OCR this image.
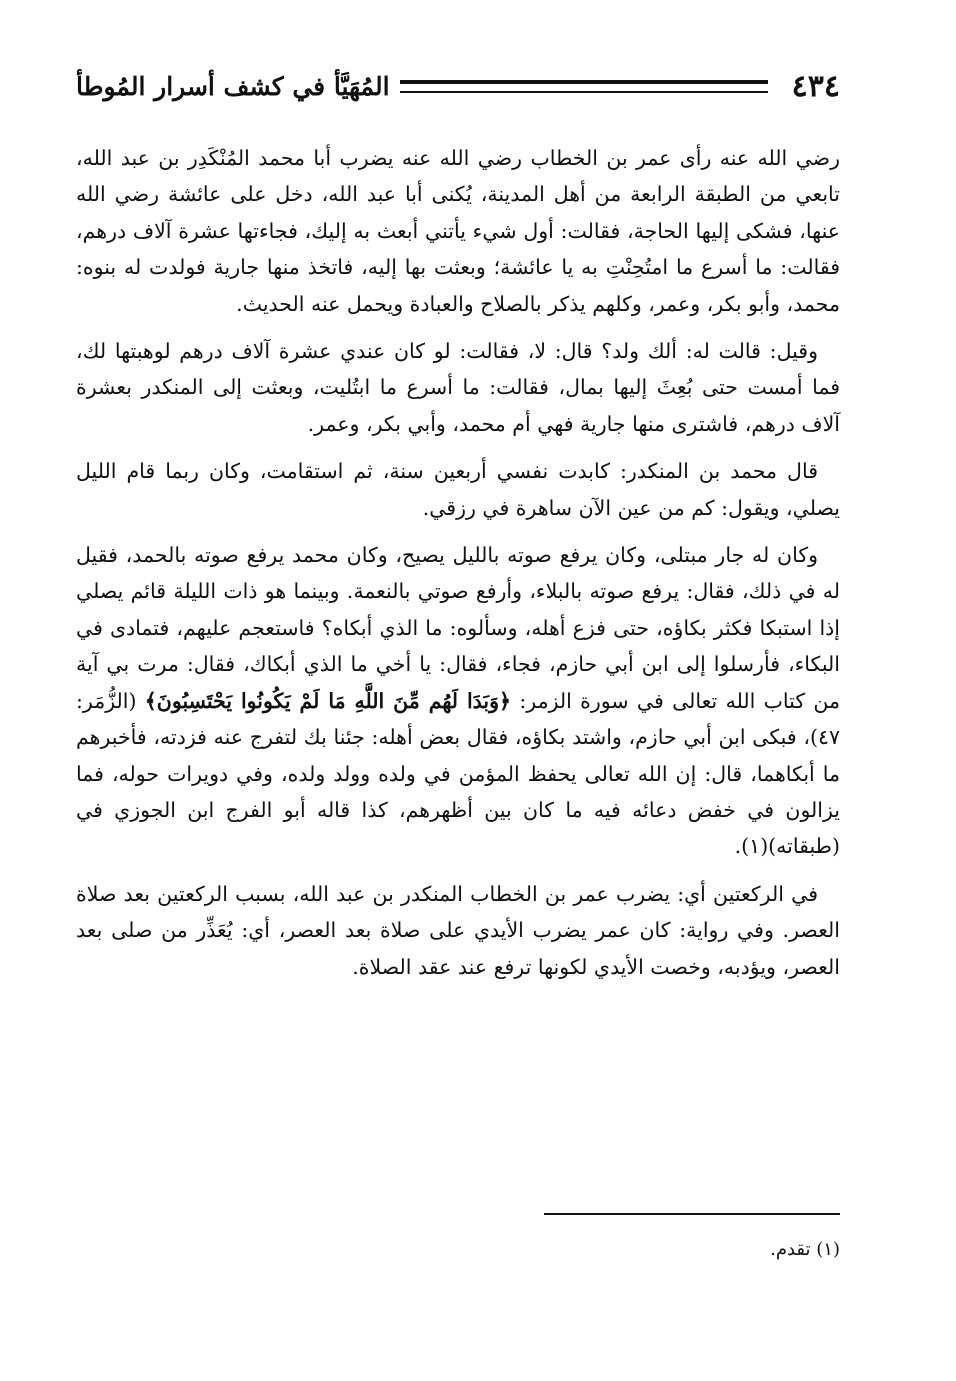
٤٣٤
المُهَيَّأ في كشف أسرار المُوطأ

رضي الله عنه رأى عمر بن الخطاب رضي الله عنه يضرب أبا محمد المُنْكَدِر بن عبد الله، تابعي من الطبقة الرابعة من أهل المدينة، يُكنى أبا عبد الله، دخل على عائشة رضي الله عنها، فشكى إليها الحاجة، فقالت: أول شيء يأتني أبعث به إليك، فجاءتها عشرة آلاف درهم، فقالت: ما أسرع ما امتُحِنْتِ به يا عائشة؛ وبعثت بها إليه، فاتخذ منها جارية فولدت له بنوه: محمد، وأبو بكر، وعمر، وكلهم يذكر بالصلاح والعبادة ويحمل عنه الحديث.

وقيل: قالت له: ألك ولد؟ قال: لا، فقالت: لو كان عندي عشرة آلاف درهم لوهبتها لك، فما أمست حتى بُعِثَ إليها بمال، فقالت: ما أسرع ما ابتُليت، وبعثت إلى المنكدر بعشرة آلاف درهم، فاشترى منها جارية فهي أم محمد، وأبي بكر، وعمر.

قال محمد بن المنكدر: كابدت نفسي أربعين سنة، ثم استقامت، وكان ربما قام الليل يصلي، ويقول: كم من عين الآن ساهرة في رزقي.

وكان له جار مبتلى، وكان يرفع صوته بالليل يصيح، وكان محمد يرفع صوته بالحمد، فقيل له في ذلك، فقال: يرفع صوته بالبلاء، وأرفع صوتي بالنعمة. وبينما هو ذات الليلة قائم يصلي إذا استبكا فكثر بكاؤه، حتى فزع أهله، وسألوه: ما الذي أبكاه؟ فاستعجم عليهم، فتمادى في البكاء، فأرسلوا إلى ابن أبي حازم، فجاء، فقال: يا أخي ما الذي أبكاك، فقال: مرت بي آية من كتاب الله تعالى في سورة الزمر: ﴿وَبَدَا لَهُم مِّنَ اللَّهِ مَا لَمْ يَكُونُوا يَحْتَسِبُونَ﴾ (الزُّمَر: ٤٧)، فبكى ابن أبي حازم، واشتد بكاؤه، فقال بعض أهله: جئنا بك لتفرج عنه فزدته، فأخبرهم ما أبكاهما، قال: إن الله تعالى يحفظ المؤمن في ولده وولد ولده، وفي دويرات حوله، فما يزالون في خفض دعائه فيه ما كان بين أظهرهم، كذا قاله أبو الفرج ابن الجوزي في (طبقاته)(١).

في الركعتين أي: يضرب عمر بن الخطاب المنكدر بن عبد الله، بسبب الركعتين بعد صلاة العصر. وفي رواية: كان عمر يضرب الأيدي على صلاة بعد العصر، أي: يُعَذِّر من صلى بعد العصر، ويؤدبه، وخصت الأيدي لكونها ترفع عند عقد الصلاة.

(١) تقدم.
